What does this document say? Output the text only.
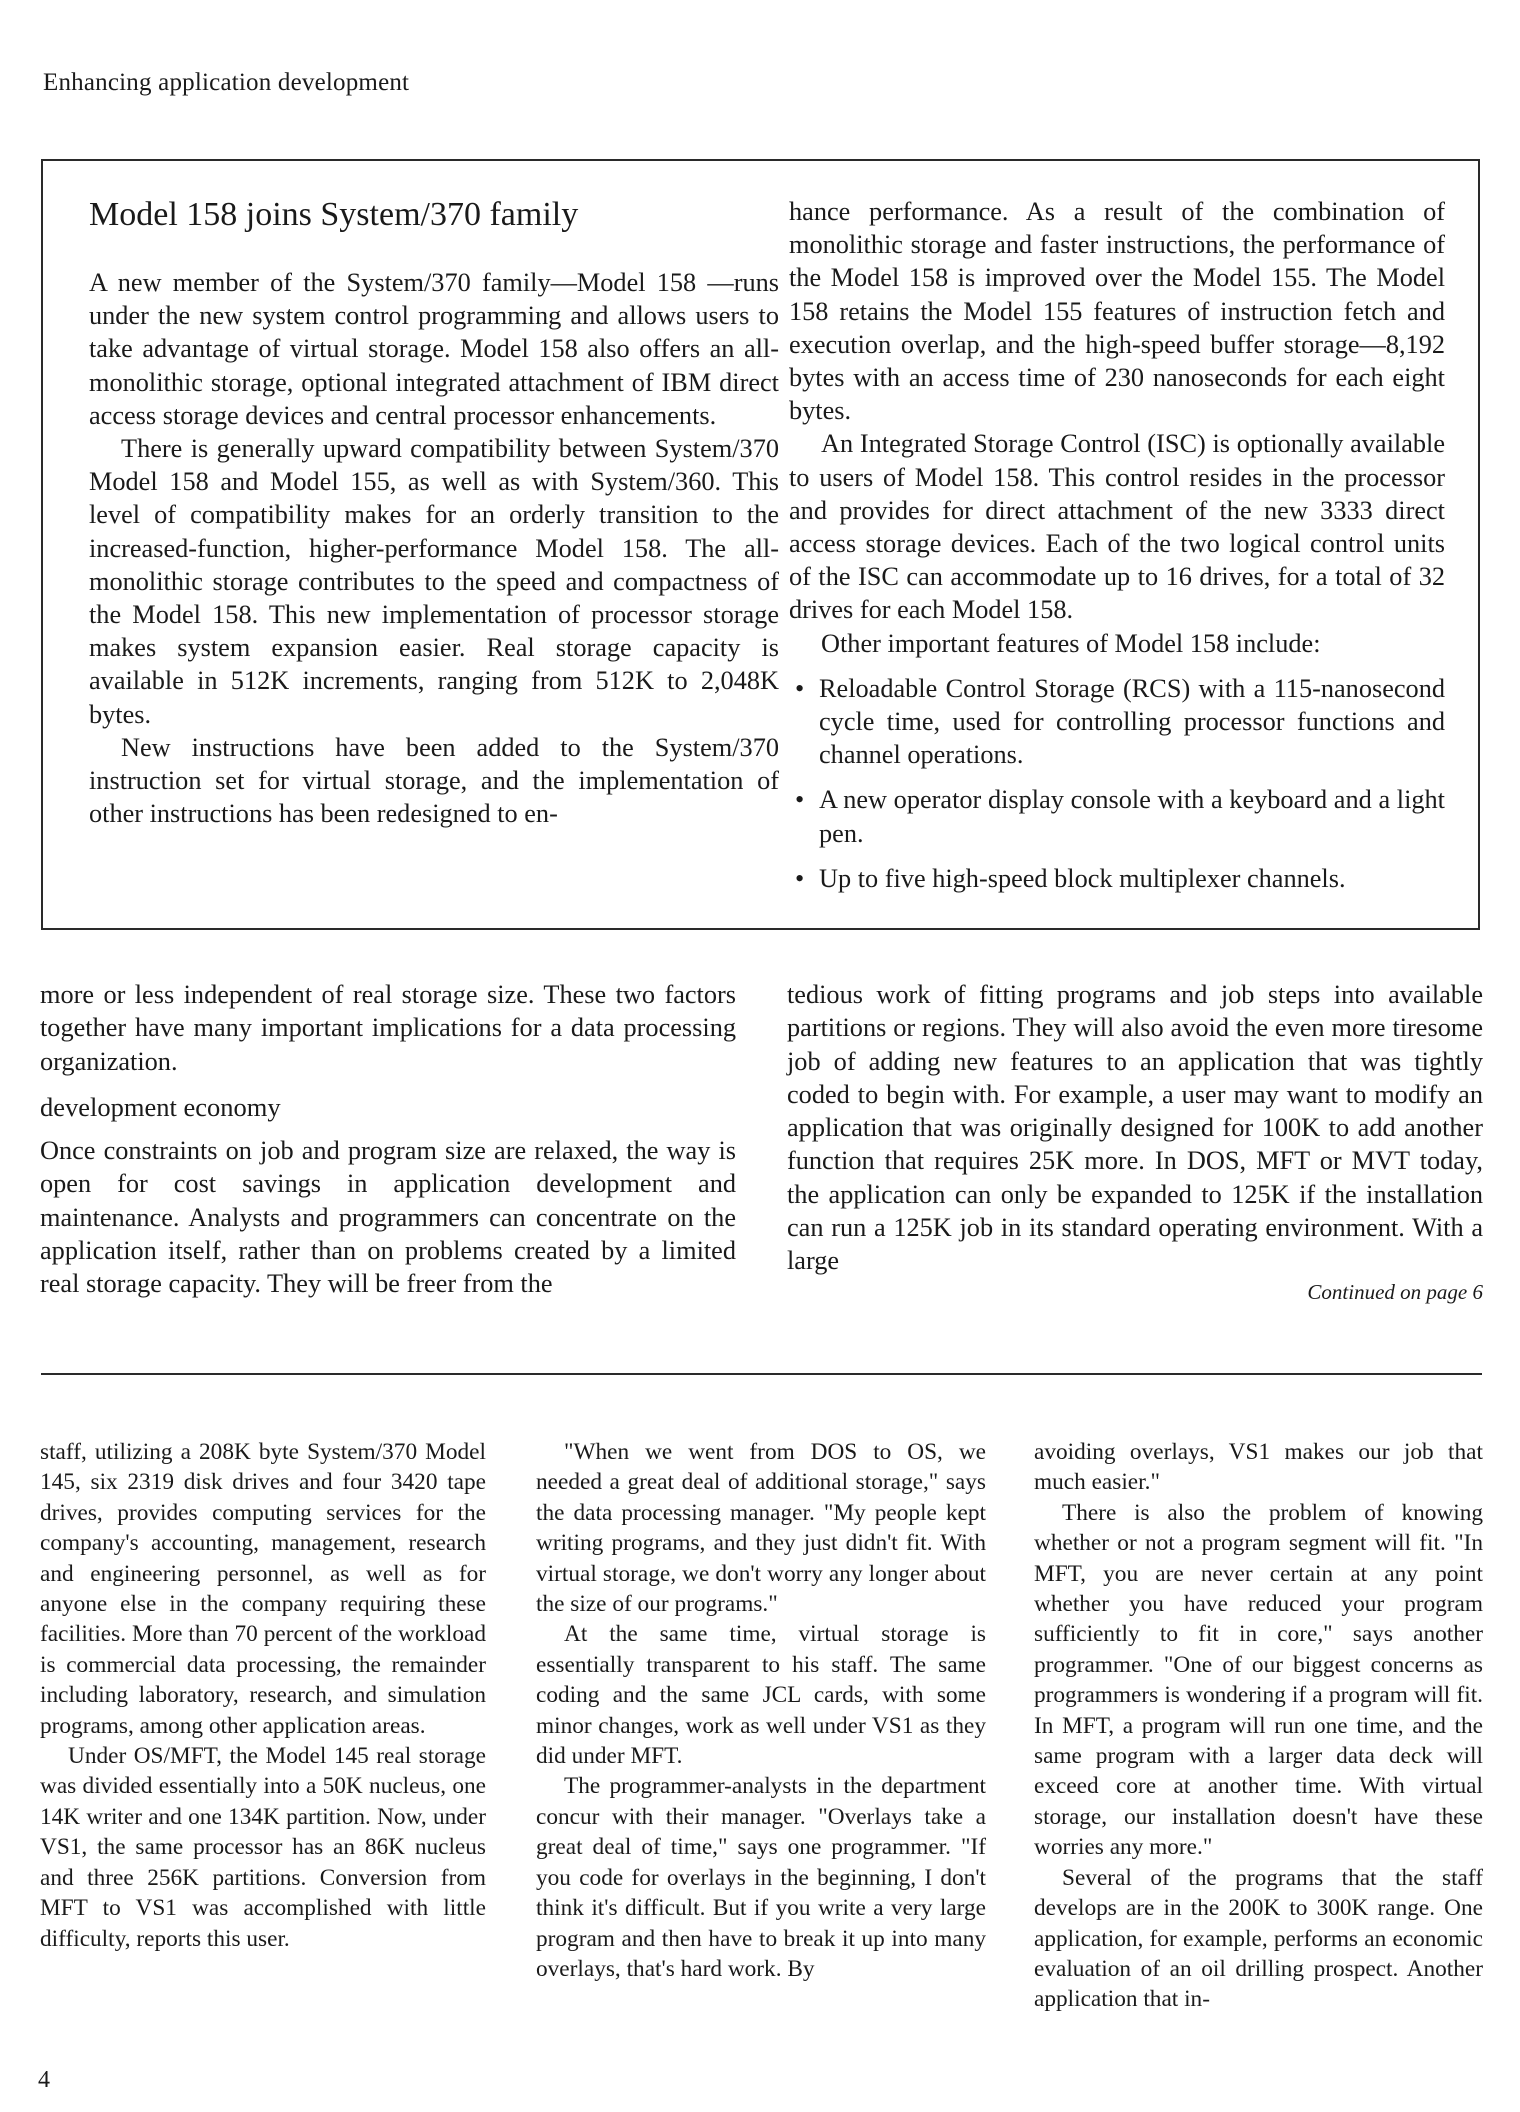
Enhancing application development
Model 158 joins System/370 family

A new member of the System/370 family—Model 158 —runs under the new system control programming and allows users to take advantage of virtual storage. Model 158 also offers an all-monolithic storage, optional integrated attachment of IBM direct access storage devices and central processor enhancements.

There is generally upward compatibility between System/370 Model 158 and Model 155, as well as with System/360. This level of compatibility makes for an orderly transition to the increased-function, higher-performance Model 158. The all-monolithic storage contributes to the speed and compactness of the Model 158. This new implementation of processor storage makes system expansion easier. Real storage capacity is available in 512K increments, ranging from 512K to 2,048K bytes.

New instructions have been added to the System/370 instruction set for virtual storage, and the implementation of other instructions has been redesigned to en-

hance performance. As a result of the combination of monolithic storage and faster instructions, the performance of the Model 158 is improved over the Model 155. The Model 158 retains the Model 155 features of instruction fetch and execution overlap, and the high-speed buffer storage—8,192 bytes with an access time of 230 nanoseconds for each eight bytes.

An Integrated Storage Control (ISC) is optionally available to users of Model 158. This control resides in the processor and provides for direct attachment of the new 3333 direct access storage devices. Each of the two logical control units of the ISC can accommodate up to 16 drives, for a total of 32 drives for each Model 158.

Other important features of Model 158 include:

• Reloadable Control Storage (RCS) with a 115-nanosecond cycle time, used for controlling processor functions and channel operations.
• A new operator display console with a keyboard and a light pen.
• Up to five high-speed block multiplexer channels.

more or less independent of real storage size. These two factors together have many important implications for a data processing organization.

development economy

Once constraints on job and program size are relaxed, the way is open for cost savings in application development and maintenance. Analysts and programmers can concentrate on the application itself, rather than on problems created by a limited real storage capacity. They will be freer from the

tedious work of fitting programs and job steps into available partitions or regions. They will also avoid the even more tiresome job of adding new features to an application that was tightly coded to begin with. For example, a user may want to modify an application that was originally designed for 100K to add another function that requires 25K more. In DOS, MFT or MVT today, the application can only be expanded to 125K if the installation can run a 125K job in its standard operating environment. With a large

Continued on page 6

staff, utilizing a 208K byte System/370 Model 145, six 2319 disk drives and four 3420 tape drives, provides computing services for the company's accounting, management, research and engineering personnel, as well as for anyone else in the company requiring these facilities. More than 70 percent of the workload is commercial data processing, the remainder including laboratory, research, and simulation programs, among other application areas.

Under OS/MFT, the Model 145 real storage was divided essentially into a 50K nucleus, one 14K writer and one 134K partition. Now, under VS1, the same processor has an 86K nucleus and three 256K partitions. Conversion from MFT to VS1 was accomplished with little difficulty, reports this user.

"When we went from DOS to OS, we needed a great deal of additional storage," says the data processing manager. "My people kept writing programs, and they just didn't fit. With virtual storage, we don't worry any longer about the size of our programs."

At the same time, virtual storage is essentially transparent to his staff. The same coding and the same JCL cards, with some minor changes, work as well under VS1 as they did under MFT.

The programmer-analysts in the department concur with their manager. "Overlays take a great deal of time," says one programmer. "If you code for overlays in the beginning, I don't think it's difficult. But if you write a very large program and then have to break it up into many overlays, that's hard work. By

avoiding overlays, VS1 makes our job that much easier."

There is also the problem of knowing whether or not a program segment will fit. "In MFT, you are never certain at any point whether you have reduced your program sufficiently to fit in core," says another programmer. "One of our biggest concerns as programmers is wondering if a program will fit. In MFT, a program will run one time, and the same program with a larger data deck will exceed core at another time. With virtual storage, our installation doesn't have these worries any more."

Several of the programs that the staff develops are in the 200K to 300K range. One application, for example, performs an economic evaluation of an oil drilling prospect. Another application that in-

4
